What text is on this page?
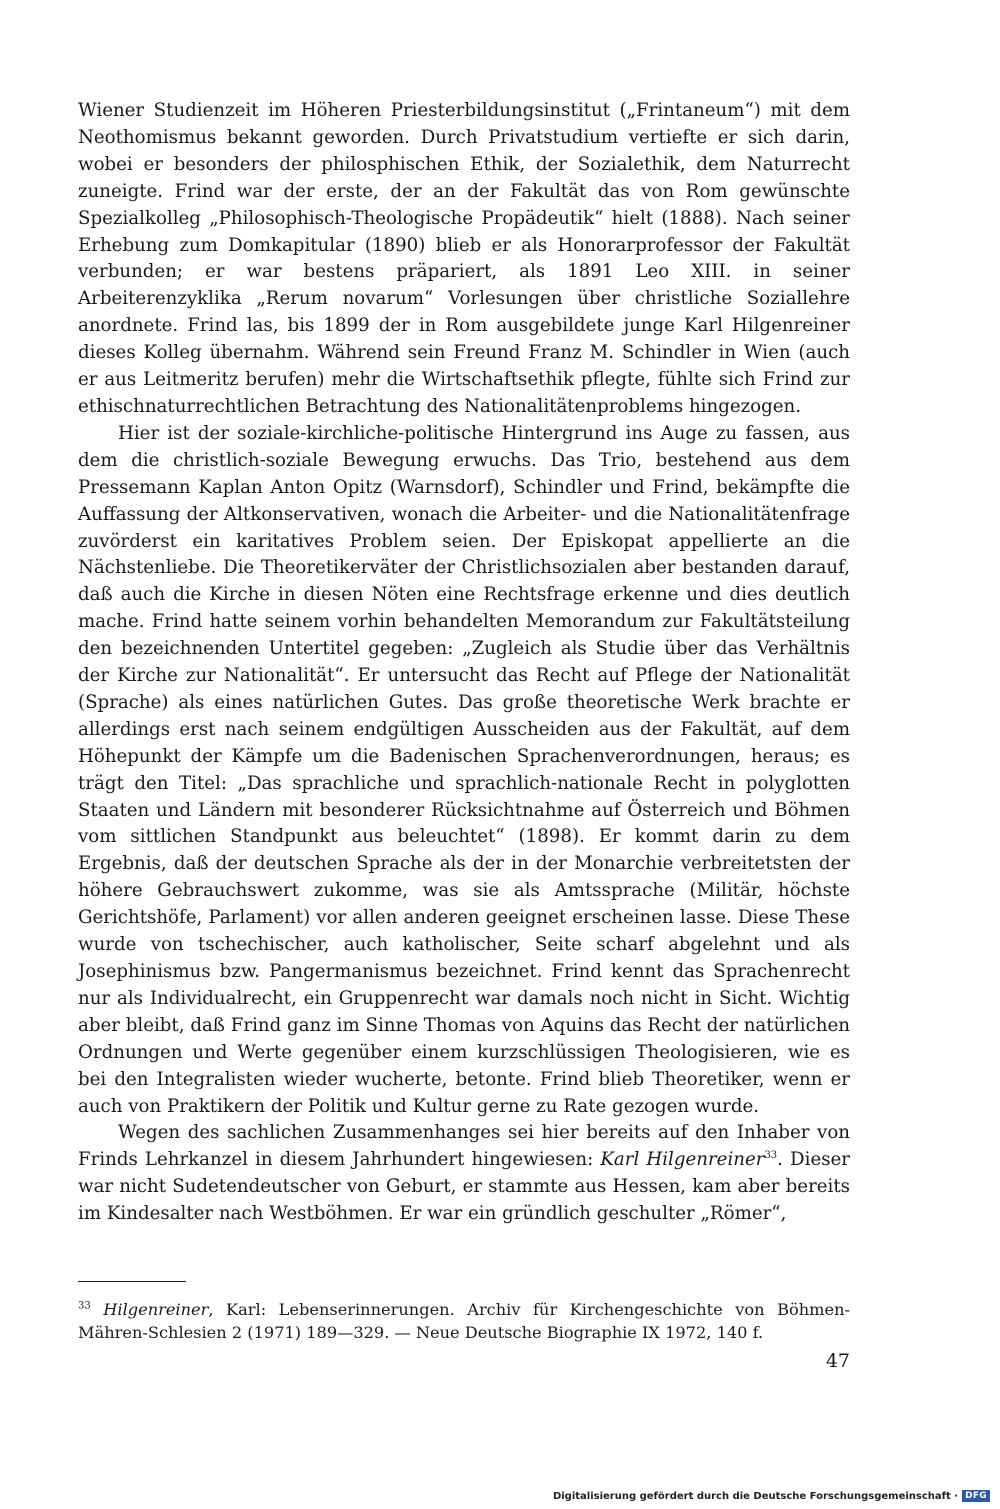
Wiener Studienzeit im Höheren Priesterbildungsinstitut („Frintaneum“) mit dem Neothomismus bekannt geworden. Durch Privatstudium vertiefte er sich darin, wobei er besonders der philosphischen Ethik, der Sozialethik, dem Naturrecht zuneigte. Frind war der erste, der an der Fakultät das von Rom gewünschte Spezialkolleg „Philosophisch-Theologische Propädeutik“ hielt (1888). Nach seiner Erhebung zum Domkapitular (1890) blieb er als Honorarprofessor der Fakultät verbunden; er war bestens präpariert, als 1891 Leo XIII. in seiner Arbeiterenzyklika „Rerum novarum“ Vorlesungen über christliche Soziallehre anordnete. Frind las, bis 1899 der in Rom ausgebildete junge Karl Hilgenreiner dieses Kolleg übernahm. Während sein Freund Franz M. Schindler in Wien (auch er aus Leitmeritz berufen) mehr die Wirtschaftsethik pflegte, fühlte sich Frind zur ethischnaturrechtlichen Betrachtung des Nationalitätenproblems hingezogen.

Hier ist der soziale-kirchliche-politische Hintergrund ins Auge zu fassen, aus dem die christlich-soziale Bewegung erwuchs. Das Trio, bestehend aus dem Pressemann Kaplan Anton Opitz (Warnsdorf), Schindler und Frind, bekämpfte die Auffassung der Altkonservativen, wonach die Arbeiter- und die Nationalitätenfrage zuvörderst ein karitatives Problem seien. Der Episkopat appellierte an die Nächstenliebe. Die Theoretikerväter der Christlichsozialen aber bestanden darauf, daß auch die Kirche in diesen Nöten eine Rechtsfrage erkenne und dies deutlich mache. Frind hatte seinem vorhin behandelten Memorandum zur Fakultätsteilung den bezeichnenden Untertitel gegeben: „Zugleich als Studie über das Verhältnis der Kirche zur Nationalität“. Er untersucht das Recht auf Pflege der Nationalität (Sprache) als eines natürlichen Gutes. Das große theoretische Werk brachte er allerdings erst nach seinem endgültigen Ausscheiden aus der Fakultät, auf dem Höhepunkt der Kämpfe um die Badenischen Sprachenverordnungen, heraus; es trägt den Titel: „Das sprachliche und sprachlich-nationale Recht in polyglotten Staaten und Ländern mit besonderer Rücksichtnahme auf Österreich und Böhmen vom sittlichen Standpunkt aus beleuchtet“ (1898). Er kommt darin zu dem Ergebnis, daß der deutschen Sprache als der in der Monarchie verbreitetsten der höhere Gebrauchswert zukomme, was sie als Amtssprache (Militär, höchste Gerichtshöfe, Parlament) vor allen anderen geeignet erscheinen lasse. Diese These wurde von tschechischer, auch katholischer, Seite scharf abgelehnt und als Josephinismus bzw. Pangermanismus bezeichnet. Frind kennt das Sprachenrecht nur als Individualrecht, ein Gruppenrecht war damals noch nicht in Sicht. Wichtig aber bleibt, daß Frind ganz im Sinne Thomas von Aquins das Recht der natürlichen Ordnungen und Werte gegenüber einem kurzschlüssigen Theologisieren, wie es bei den Integralisten wieder wucherte, betonte. Frind blieb Theoretiker, wenn er auch von Praktikern der Politik und Kultur gerne zu Rate gezogen wurde.

Wegen des sachlichen Zusammenhanges sei hier bereits auf den Inhaber von Frinds Lehrkanzel in diesem Jahrhundert hingewiesen: Karl Hilgenreiner$^{33}$. Dieser war nicht Sudetendeutscher von Geburt, er stammte aus Hessen, kam aber bereits im Kindesalter nach Westböhmen. Er war ein gründlich geschulter „Römer“,

$^{33}$ Hilgenreiner, Karl: Lebenserinnerungen. Archiv für Kirchengeschichte von Böhmen-Mähren-Schlesien 2 (1971) 189—329. — Neue Deutsche Biographie IX 1972, 140 f.

47
Digitalisierung gefördert durch die Deutsche Forschungsgemeinschaft · DFG
